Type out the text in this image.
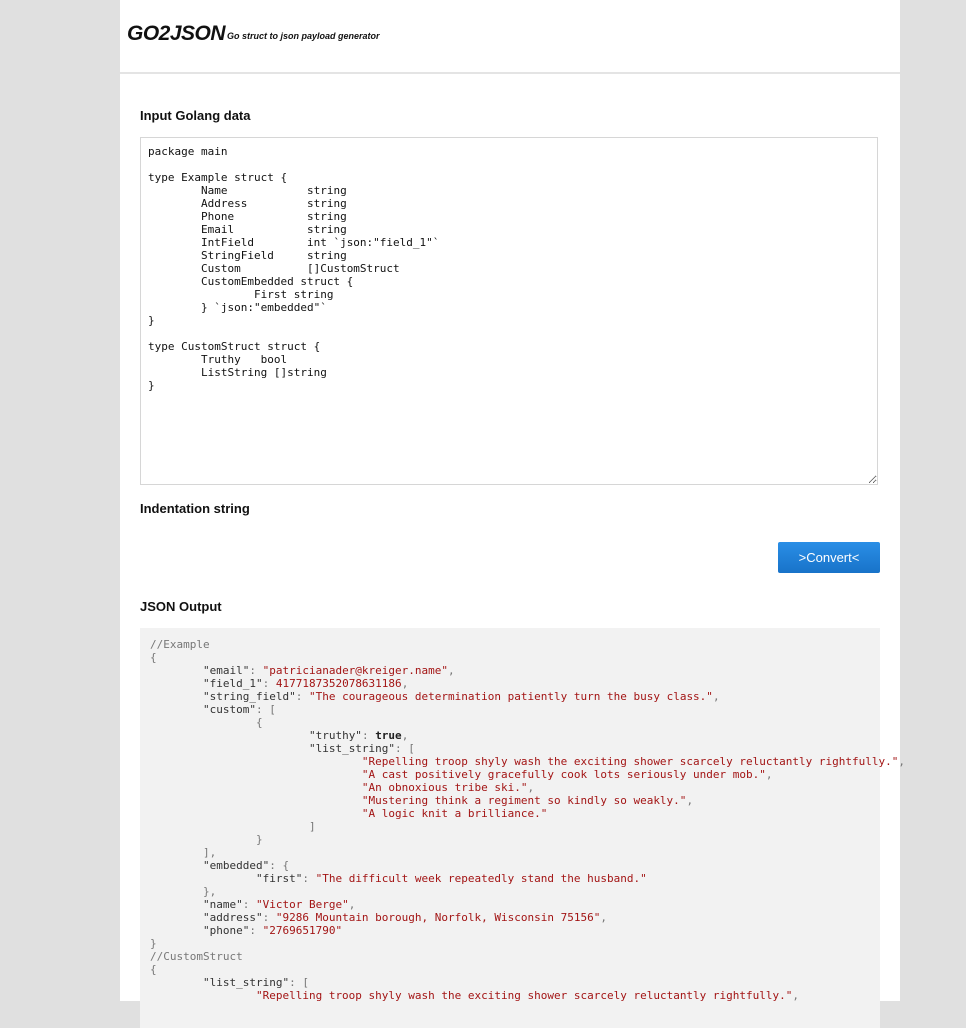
GO2JSON Go struct to json payload generator
Input Golang data
package main type Example struct { Name string Address string Phone string Email string IntField int `json:"field_1"` StringField string Custom []CustomStruct CustomEmbedded struct { First string } `json:"embedded"` } type CustomStruct struct { Truthy bool ListString []string }
Indentation string
>Convert<
JSON Output
//Example
{
	"email": "patricianader@kreiger.name",
	"field_1": 4177187352078631186,
	"string_field": "The courageous determination patiently turn the busy class.",
	"custom": [
		{
			"truthy": true,
			"list_string": [
				"Repelling troop shyly wash the exciting shower scarcely reluctantly rightfully.",
				"A cast positively gracefully cook lots seriously under mob.",
				"An obnoxious tribe ski.",
				"Mustering think a regiment so kindly so weakly.",
				"A logic knit a brilliance."
			]
		}
	],
	"embedded": {
		"first": "The difficult week repeatedly stand the husband."
	},
	"name": "Victor Berge",
	"address": "9286 Mountain borough, Norfolk, Wisconsin 75156",
	"phone": "2769651790"
}
//CustomStruct
{
	"list_string": [
		"Repelling troop shyly wash the exciting shower scarcely reluctantly rightfully.",
